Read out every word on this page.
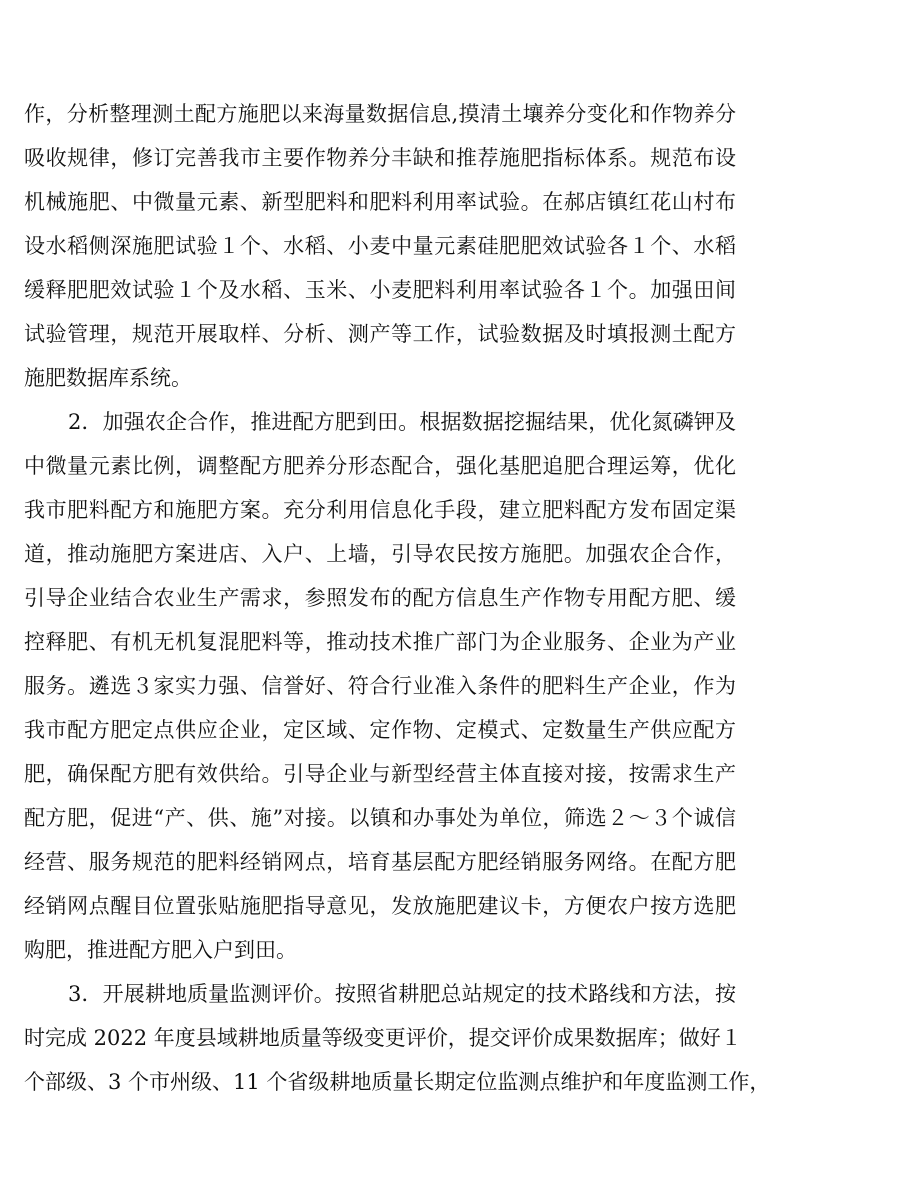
作，分析整理测土配方施肥以来海量数据信息,摸清土壤养分变化和作物养分
吸收规律，修订完善我市主要作物养分丰缺和推荐施肥指标体系。规范布设
机械施肥、中微量元素、新型肥料和肥料利用率试验。在郝店镇红花山村布
设水稻侧深施肥试验１个、水稻、小麦中量元素硅肥肥效试验各１个、水稻
缓释肥肥效试验１个及水稻、玉米、小麦肥料利用率试验各１个。加强田间
试验管理，规范开展取样、分析、测产等工作，试验数据及时填报测土配方
施肥数据库系统。
2．加强农企合作，推进配方肥到田。根据数据挖掘结果，优化氮磷钾及
中微量元素比例，调整配方肥养分形态配合，强化基肥追肥合理运筹，优化
我市肥料配方和施肥方案。充分利用信息化手段，建立肥料配方发布固定渠
道，推动施肥方案进店、入户、上墙，引导农民按方施肥。加强农企合作，
引导企业结合农业生产需求，参照发布的配方信息生产作物专用配方肥、缓
控释肥、有机无机复混肥料等，推动技术推广部门为企业服务、企业为产业
服务。遴选３家实力强、信誉好、符合行业准入条件的肥料生产企业，作为
我市配方肥定点供应企业，定区域、定作物、定模式、定数量生产供应配方
肥，确保配方肥有效供给。引导企业与新型经营主体直接对接，按需求生产
配方肥，促进“产、供、施”对接。以镇和办事处为单位，筛选２～３个诚信
经营、服务规范的肥料经销网点，培育基层配方肥经销服务网络。在配方肥
经销网点醒目位置张贴施肥指导意见，发放施肥建议卡，方便农户按方选肥
购肥，推进配方肥入户到田。
3．开展耕地质量监测评价。按照省耕肥总站规定的技术路线和方法，按
时完成 2022 年度县域耕地质量等级变更评价，提交评价成果数据库；做好１
个部级、3 个市州级、11 个省级耕地质量长期定位监测点维护和年度监测工作，
